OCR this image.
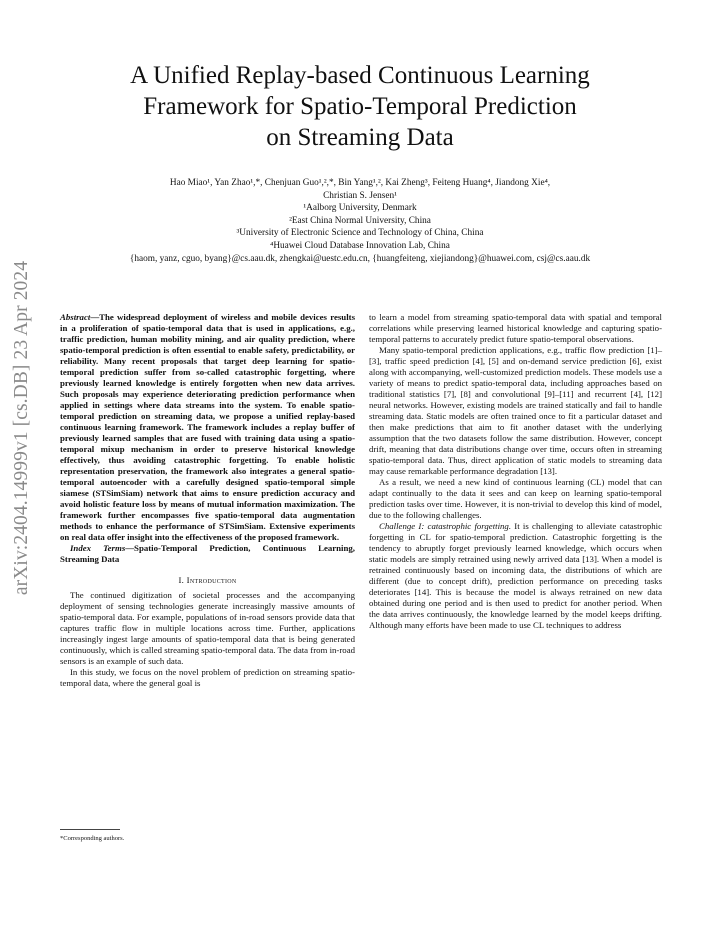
arXiv:2404.14999v1 [cs.DB] 23 Apr 2024
A Unified Replay-based Continuous Learning
Framework for Spatio-Temporal Prediction
on Streaming Data
Hao Miao¹, Yan Zhao¹,*, Chenjuan Guo¹,²,*, Bin Yang¹,², Kai Zheng³, Feiteng Huang⁴, Jiandong Xie⁴,
Christian S. Jensen¹
¹Aalborg University, Denmark
²East China Normal University, China
³University of Electronic Science and Technology of China, China
⁴Huawei Cloud Database Innovation Lab, China
{haom, yanz, cguo, byang}@cs.aau.dk, zhengkai@uestc.edu.cn, {huangfeiteng, xiejiandong}@huawei.com, csj@cs.aau.dk

Abstract—The widespread deployment of wireless and mobile devices results in a proliferation of spatio-temporal data that is used in applications, e.g., traffic prediction, human mobility mining, and air quality prediction, where spatio-temporal prediction is often essential to enable safety, predictability, or reliability. Many recent proposals that target deep learning for spatio-temporal prediction suffer from so-called catastrophic forgetting, where previously learned knowledge is entirely forgotten when new data arrives. Such proposals may experience deteriorating prediction performance when applied in settings where data streams into the system. To enable spatio-temporal prediction on streaming data, we propose a unified replay-based continuous learning framework. The framework includes a replay buffer of previously learned samples that are fused with training data using a spatio-temporal mixup mechanism in order to preserve historical knowledge effectively, thus avoiding catastrophic forgetting. To enable holistic representation preservation, the framework also integrates a general spatio-temporal autoencoder with a carefully designed spatio-temporal simple siamese (STSimSiam) network that aims to ensure prediction accuracy and avoid holistic feature loss by means of mutual information maximization. The framework further encompasses five spatio-temporal data augmentation methods to enhance the performance of STSimSiam. Extensive experiments on real data offer insight into the effectiveness of the proposed framework.

Index Terms—Spatio-Temporal Prediction, Continuous Learning, Streaming Data

I. Introduction

The continued digitization of societal processes and the accompanying deployment of sensing technologies generate increasingly massive amounts of spatio-temporal data. For example, populations of in-road sensors provide data that captures traffic flow in multiple locations across time. Further, applications increasingly ingest large amounts of spatio-temporal data that is being generated continuously, which is called streaming spatio-temporal data. The data from in-road sensors is an example of such data.

In this study, we focus on the novel problem of prediction on streaming spatio-temporal data, where the general goal is

*Corresponding authors.

to learn a model from streaming spatio-temporal data with spatial and temporal correlations while preserving learned historical knowledge and capturing spatio-temporal patterns to accurately predict future spatio-temporal observations.

Many spatio-temporal prediction applications, e.g., traffic flow prediction [1]–[3], traffic speed prediction [4], [5] and on-demand service prediction [6], exist along with accompanying, well-customized prediction models. These models use a variety of means to predict spatio-temporal data, including approaches based on traditional statistics [7], [8] and convolutional [9]–[11] and recurrent [4], [12] neural networks. However, existing models are trained statically and fail to handle streaming data. Static models are often trained once to fit a particular dataset and then make predictions that aim to fit another dataset with the underlying assumption that the two datasets follow the same distribution. However, concept drift, meaning that data distributions change over time, occurs often in streaming spatio-temporal data. Thus, direct application of static models to streaming data may cause remarkable performance degradation [13].

As a result, we need a new kind of continuous learning (CL) model that can adapt continually to the data it sees and can keep on learning spatio-temporal prediction tasks over time. However, it is non-trivial to develop this kind of model, due to the following challenges.

Challenge I: catastrophic forgetting. It is challenging to alleviate catastrophic forgetting in CL for spatio-temporal prediction. Catastrophic forgetting is the tendency to abruptly forget previously learned knowledge, which occurs when static models are simply retrained using newly arrived data [13]. When a model is retrained continuously based on incoming data, the distributions of which are different (due to concept drift), prediction performance on preceding tasks deteriorates [14]. This is because the model is always retrained on new data obtained during one period and is then used to predict for another period. When the data arrives continuously, the knowledge learned by the model keeps drifting. Although many efforts have been made to use CL techniques to address
